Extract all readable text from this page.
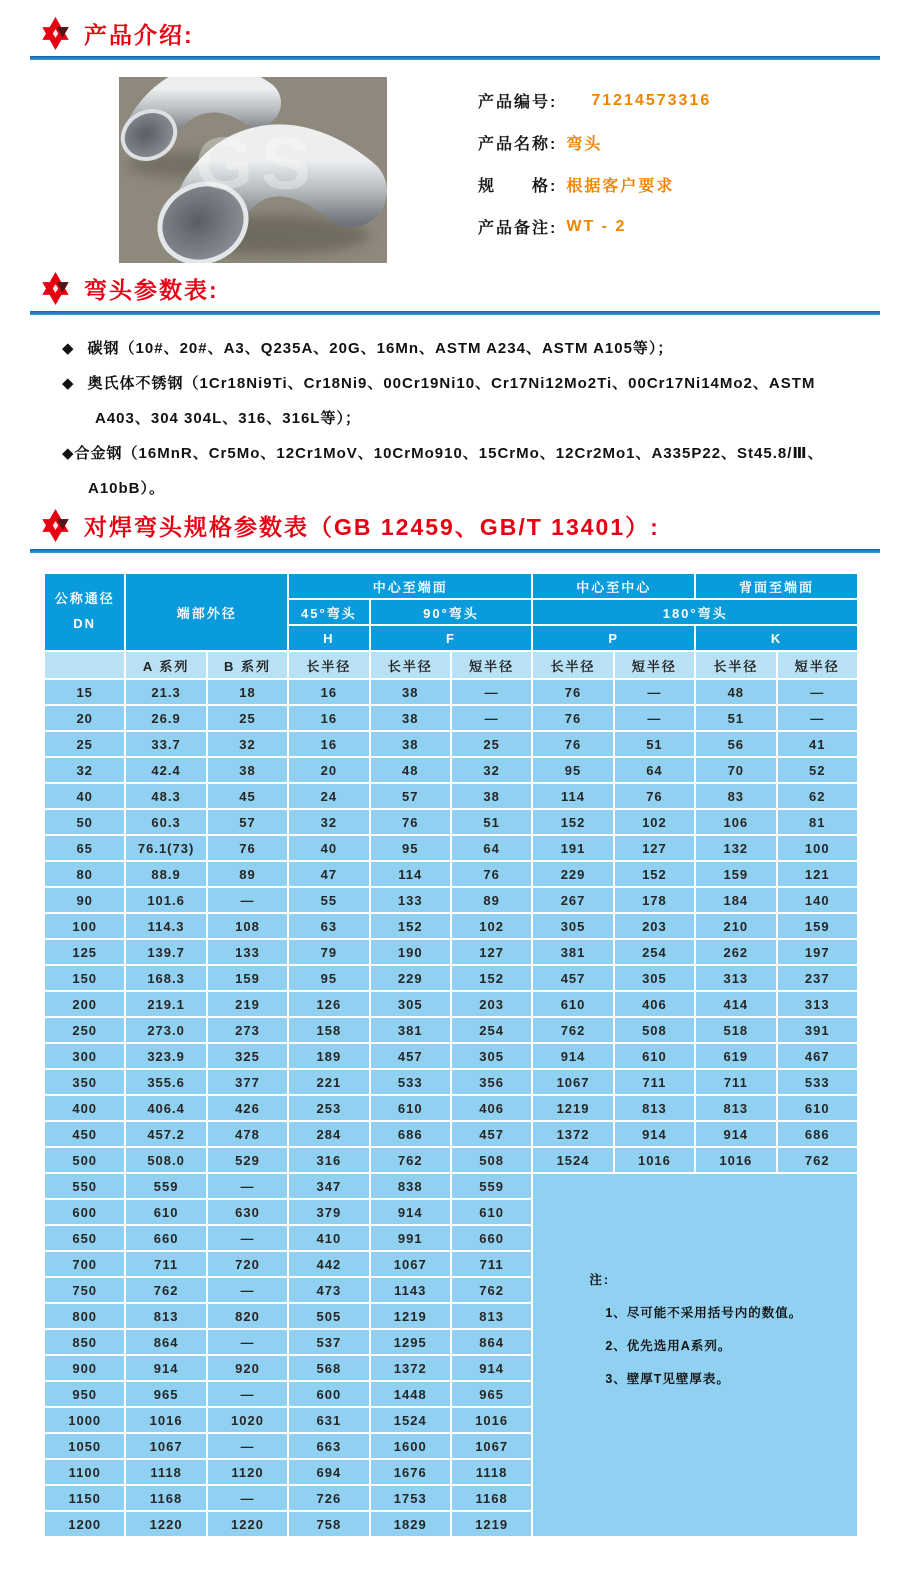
产品介绍:
GS
产品编号: 71214573316
产品名称: 弯头
规　　格: 根据客户要求
产品备注: WT - 2
弯头参数表:
◆ 碳钢（10#、20#、A3、Q235A、20G、16Mn、ASTM A234、ASTM A105等）；
◆ 奥氏体不锈钢（1Cr18Ni9Ti、Cr18Ni9、00Cr19Ni10、Cr17Ni12Mo2Ti、00Cr17Ni14Mo2、ASTM
A403、304 304L、316、316L等）；
◆ 合金钢（16MnR、Cr5Mo、12Cr1MoV、10CrMo910、15CrMo、12Cr2Mo1、A335P22、St45.8/Ⅲ、
A10bB）。
对焊弯头规格参数表（GB 12459、GB/T 13401）:
公称通径
DN	端部外径		中心至端面			中心至中心		背面至端面	
			45°弯头	90°弯头		180°弯头			
			H	F		P		K	
	A 系列	B 系列	长半径	长半径	短半径	长半径	短半径	长半径	短半径
15	21.3	18	16	38	—	76	—	48	—
20	26.9	25	16	38	—	76	—	51	—
25	33.7	32	16	38	25	76	51	56	41
32	42.4	38	20	48	32	95	64	70	52
40	48.3	45	24	57	38	114	76	83	62
50	60.3	57	32	76	51	152	102	106	81
65	76.1(73)	76	40	95	64	191	127	132	100
80	88.9	89	47	114	76	229	152	159	121
90	101.6	—	55	133	89	267	178	184	140
100	114.3	108	63	152	102	305	203	210	159
125	139.7	133	79	190	127	381	254	262	197
150	168.3	159	95	229	152	457	305	313	237
200	219.1	219	126	305	203	610	406	414	313
250	273.0	273	158	381	254	762	508	518	391
300	323.9	325	189	457	305	914	610	619	467
350	355.6	377	221	533	356	1067	711	711	533
400	406.4	426	253	610	406	1219	813	813	610
450	457.2	478	284	686	457	1372	914	914	686
500	508.0	529	316	762	508	1524	1016	1016	762
550	559	—	347	838	559	注:
1、尽可能不采用括号内的数值。
2、优先选用A系列。
3、壁厚T见壁厚表。			

600	610	630	379	914	610				
650	660	—	410	991	660				
700	711	720	442	1067	711				
750	762	—	473	1143	762				
800	813	820	505	1219	813				
850	864	—	537	1295	864				
900	914	920	568	1372	914				
950	965	—	600	1448	965				
1000	1016	1020	631	1524	1016				
1050	1067	—	663	1600	1067				
1100	1118	1120	694	1676	1118				
1150	1168	—	726	1753	1168				
1200	1220	1220	758	1829	1219				
